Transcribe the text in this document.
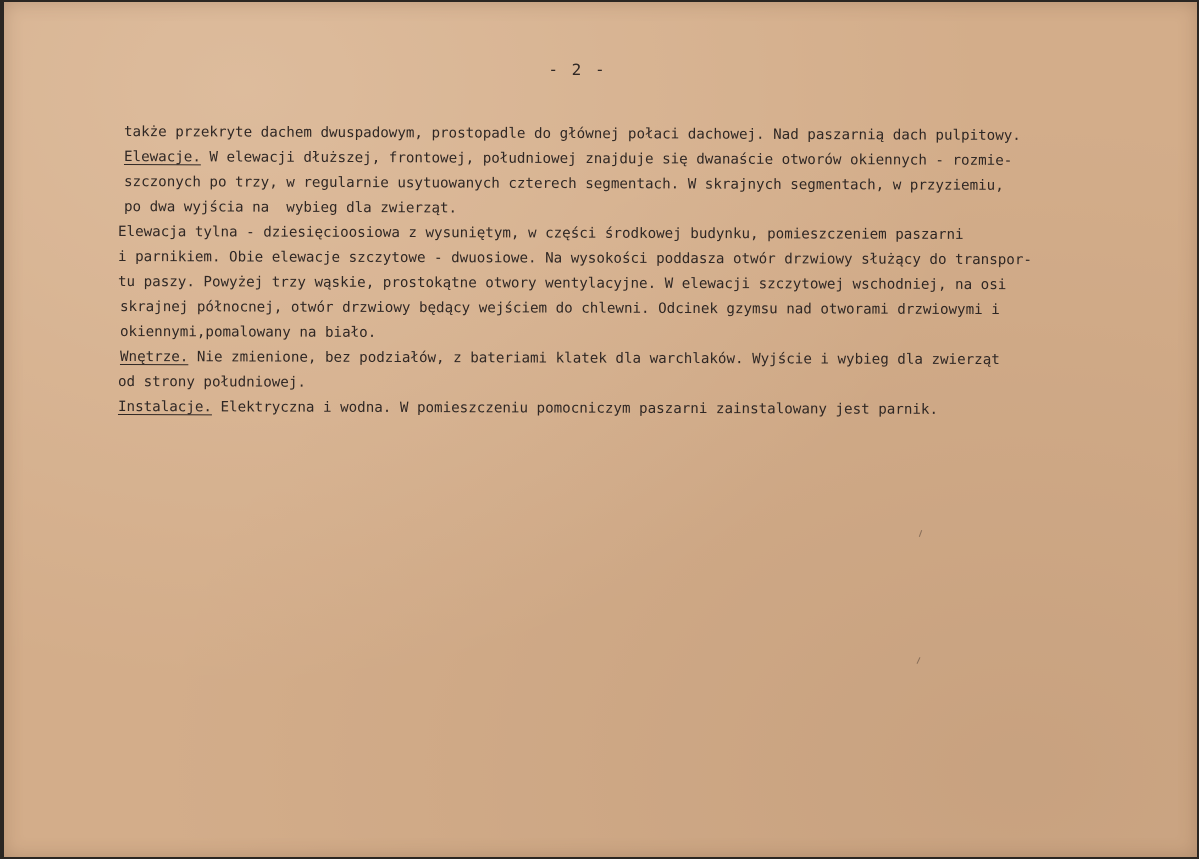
- 2 -
także przekryte dachem dwuspadowym, prostopadle do głównej połaci dachowej. Nad paszarnią dach pulpitowy.
Elewacje. W elewacji dłuższej, frontowej, południowej znajduje się dwanaście otworów okiennych - rozmie-
szczonych po trzy, w regularnie usytuowanych czterech segmentach. W skrajnych segmentach, w przyziemiu,
po dwa wyjścia na  wybieg dla zwierząt.
Elewacja tylna - dziesięcioosiowa z wysuniętym, w części środkowej budynku, pomieszczeniem paszarni
i parnikiem. Obie elewacje szczytowe - dwuosiowe. Na wysokości poddasza otwór drzwiowy służący do transpor-
tu paszy. Powyżej trzy wąskie, prostokątne otwory wentylacyjne. W elewacji szczytowej wschodniej, na osi
skrajnej północnej, otwór drzwiowy będący wejściem do chlewni. Odcinek gzymsu nad otworami drzwiowymi i
okiennymi,pomalowany na biało.
Wnętrze. Nie zmienione, bez podziałów, z bateriami klatek dla warchlaków. Wyjście i wybieg dla zwierząt
od strony południowej.
Instalacje. Elektryczna i wodna. W pomieszczeniu pomocniczym paszarni zainstalowany jest parnik.
